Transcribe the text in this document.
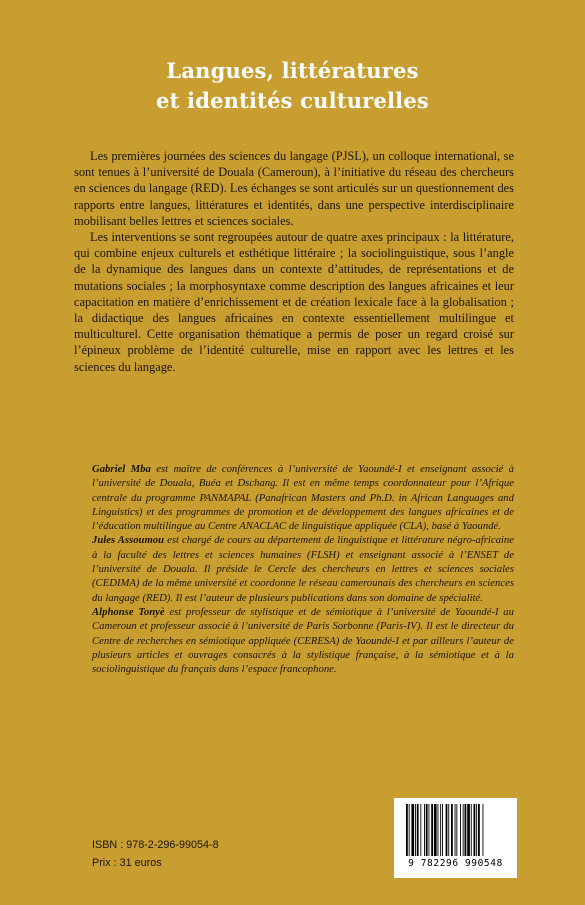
Langues, littératures
et identités culturelles

Les premières journées des sciences du langage (PJSL), un colloque international, se sont tenues à l’université de Douala (Cameroun), à l’initiative du réseau des chercheurs en sciences du langage (RED). Les échanges se sont articulés sur un questionnement des rapports entre langues, littératures et identités, dans une perspective interdisciplinaire mobilisant belles lettres et sciences sociales.

Les interventions se sont regroupées autour de quatre axes principaux : la littérature, qui combine enjeux culturels et esthétique littéraire ; la sociolinguistique, sous l’angle de la dynamique des langues dans un contexte d’attitudes, de représentations et de mutations sociales ; la morphosyntaxe comme description des langues africaines et leur capacitation en matière d’enrichissement et de création lexicale face à la globalisation ; la didactique des langues africaines en contexte essentiellement multilingue et multiculturel. Cette organisation thématique a permis de poser un regard croisé sur l’épineux problème de l’identité culturelle, mise en rapport avec les lettres et les sciences du langage.

Gabriel Mba est maître de conférences à l’université de Yaoundé-I et enseignant associé à l’université de Douala, Buéa et Dschang. Il est en même temps coordonnateur pour l’Afrique centrale du programme PANMAPAL (Panafrican Masters and Ph.D. in African Languages and Linguistics) et des programmes de promotion et de développement des langues africaines et de l’éducation multilingue au Centre ANACLAC de linguistique appliquée (CLA), basé à Yaoundé.

Jules Assoumou est chargé de cours au département de linguistique et littérature négro-africaine à la faculté des lettres et sciences humaines (FLSH) et enseignant associé à l’ENSET de l’université de Douala. Il préside le Cercle des chercheurs en lettres et sciences sociales (CEDIMA) de la même université et coordonne le réseau camerounais des chercheurs en sciences du langage (RED). Il est l’auteur de plusieurs publications dans son domaine de spécialité.

Alphonse Tonyè est professeur de stylistique et de sémiotique à l’université de Yaoundé-I au Cameroun et professeur associé à l’université de Paris Sorbonne (Paris-IV). Il est le directeur du Centre de recherches en sémiotique appliquée (CERESA) de Yaoundé-I et par ailleurs l’auteur de plusieurs articles et ouvrages consacrés à la stylistique française, à la sémiotique et à la sociolinguistique du français dans l’espace francophone.

ISBN : 978-2-296-99054-8
Prix : 31 euros	9 782296 990548
